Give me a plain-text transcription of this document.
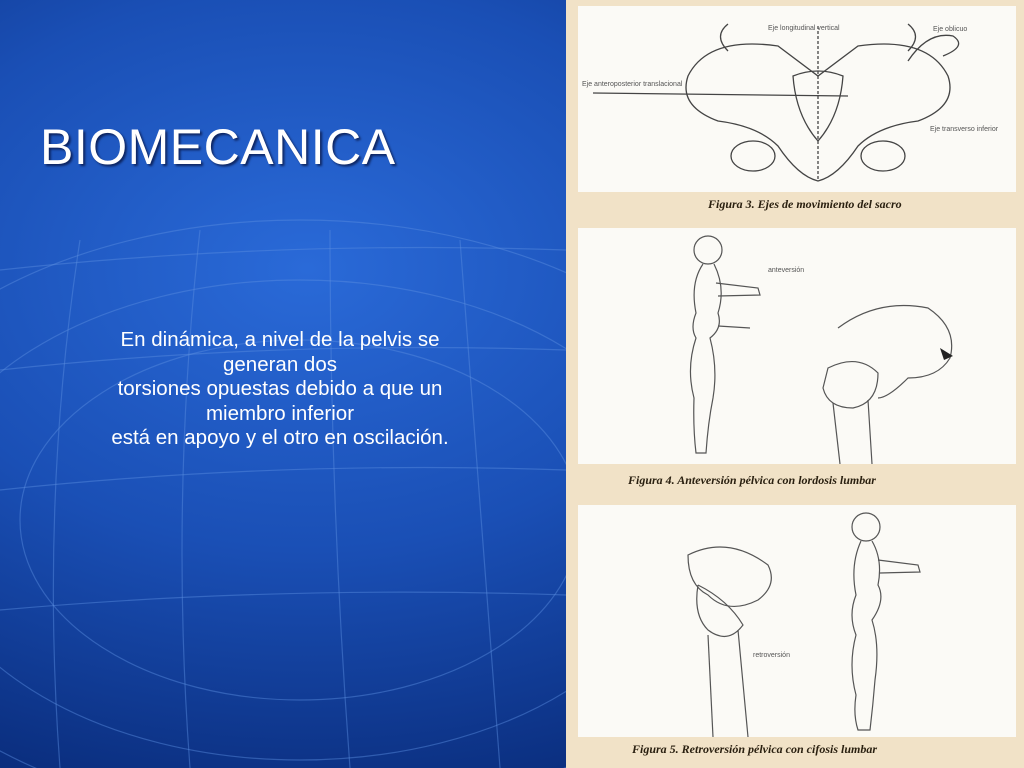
BIOMECANICA
En dinámica, a nivel de la pelvis se
generan dos
torsiones opuestas debido a que un
miembro inferior
está en apoyo y el otro en oscilación.
Eje longitudinal vertical	Eje oblicuo
Eje anteroposterior translacional
Eje transverso inferior
Figura 3. Ejes de movimiento del sacro
anteversión
Figura 4. Anteversión pélvica con lordosis lumbar
retroversión
Figura 5. Retroversión pélvica con cifosis lumbar
